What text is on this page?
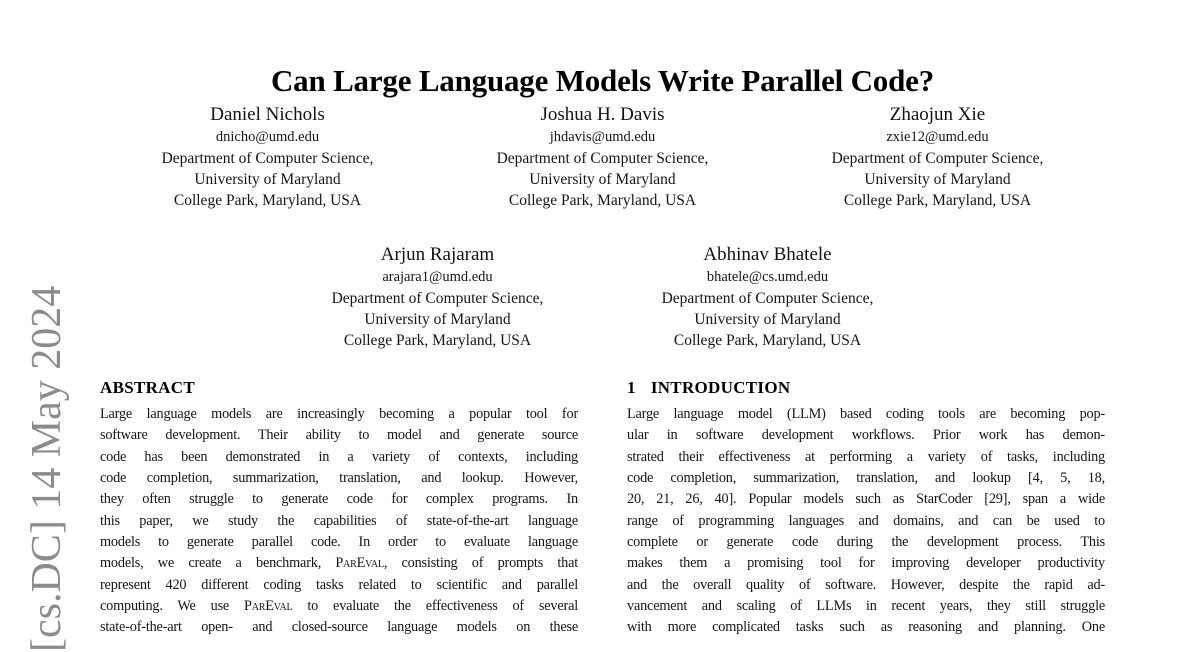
[cs.DC] 14 May 2024
Can Large Language Models Write Parallel Code?
Daniel Nichols
dnicho@umd.edu
Department of Computer Science,
University of Maryland
College Park, Maryland, USA
Joshua H. Davis
jhdavis@umd.edu
Department of Computer Science,
University of Maryland
College Park, Maryland, USA
Zhaojun Xie
zxie12@umd.edu
Department of Computer Science,
University of Maryland
College Park, Maryland, USA
Arjun Rajaram
arajara1@umd.edu
Department of Computer Science,
University of Maryland
College Park, Maryland, USA
Abhinav Bhatele
bhatele@cs.umd.edu
Department of Computer Science,
University of Maryland
College Park, Maryland, USA
ABSTRACT
Large language models are increasingly becoming a popular tool for
software development. Their ability to model and generate source
code has been demonstrated in a variety of contexts, including
code completion, summarization, translation, and lookup. However,
they often struggle to generate code for complex programs. In
this paper, we study the capabilities of state-of-the-art language
models to generate parallel code. In order to evaluate language
models, we create a benchmark, ParEval, consisting of prompts that
represent 420 different coding tasks related to scientific and parallel
computing. We use ParEval to evaluate the effectiveness of several
state-of-the-art open- and closed-source language models on these
1 INTRODUCTION
Large language model (LLM) based coding tools are becoming pop-
ular in software development workflows. Prior work has demon-
strated their effectiveness at performing a variety of tasks, including
code completion, summarization, translation, and lookup [4, 5, 18,
20, 21, 26, 40]. Popular models such as StarCoder [29], span a wide
range of programming languages and domains, and can be used to
complete or generate code during the development process. This
makes them a promising tool for improving developer productivity
and the overall quality of software. However, despite the rapid ad-
vancement and scaling of LLMs in recent years, they still struggle
with more complicated tasks such as reasoning and planning. One
